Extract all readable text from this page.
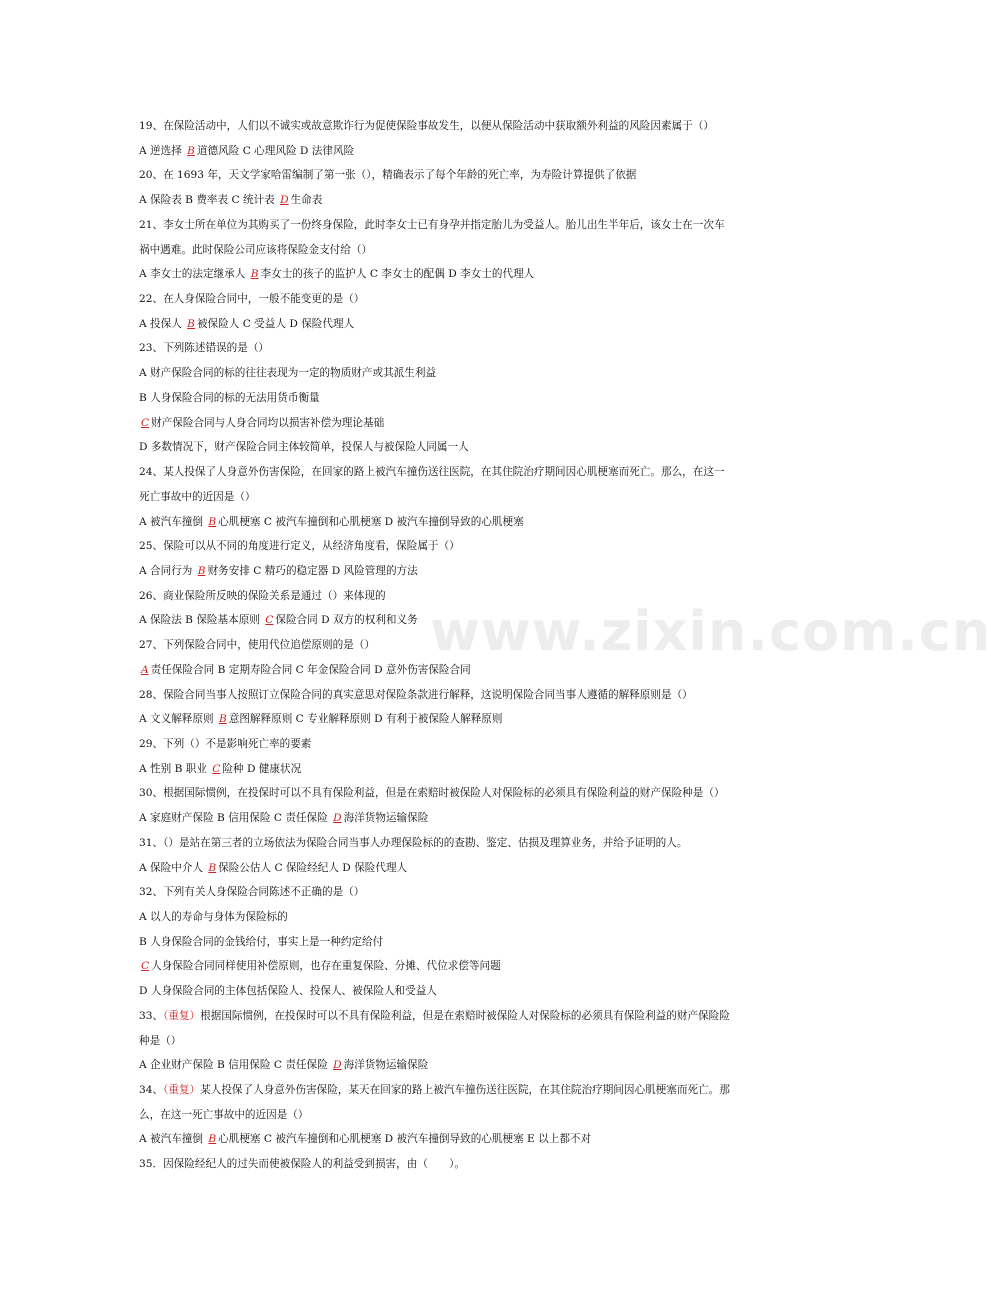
www.zixin.com.cn
19、在保险活动中，人们以不诚实或故意欺诈行为促使保险事故发生，以便从保险活动中获取额外利益的风险因素属于（）
A 逆选择 B 道德风险 C 心理风险 D 法律风险
20、在 1693 年，天文学家哈雷编制了第一张（），精确表示了每个年龄的死亡率，为寿险计算提供了依据
A 保险表 B 费率表 C 统计表 D 生命表
21、李女士所在单位为其购买了一份终身保险，此时李女士已有身孕并指定胎儿为受益人。胎儿出生半年后，该女士在一次车
祸中遇难。此时保险公司应该将保险金支付给（）
A 李女士的法定继承人 B 李女士的孩子的监护人 C 李女士的配偶 D 李女士的代理人
22、在人身保险合同中，一般不能变更的是（）
A 投保人 B 被保险人 C 受益人 D 保险代理人
23、下列陈述错误的是（）
A 财产保险合同的标的往往表现为一定的物质财产或其派生利益
B 人身保险合同的标的无法用货币衡量
C 财产保险合同与人身合同均以损害补偿为理论基础
D 多数情况下，财产保险合同主体较简单，投保人与被保险人同属一人
24、某人投保了人身意外伤害保险，在回家的路上被汽车撞伤送往医院，在其住院治疗期间因心肌梗塞而死亡。那么，在这一
死亡事故中的近因是（）
A 被汽车撞倒 B 心肌梗塞 C 被汽车撞倒和心肌梗塞 D 被汽车撞倒导致的心肌梗塞
25、保险可以从不同的角度进行定义，从经济角度看，保险属于（）
A 合同行为 B 财务安排 C 精巧的稳定器 D 风险管理的方法
26、商业保险所反映的保险关系是通过（）来体现的
A 保险法 B 保险基本原则 C 保险合同 D 双方的权利和义务
27、下列保险合同中，使用代位追偿原则的是（）
A 责任保险合同 B 定期寿险合同 C 年金保险合同 D 意外伤害保险合同
28、保险合同当事人按照订立保险合同的真实意思对保险条款进行解释，这说明保险合同当事人遵循的解释原则是（）
A 文义解释原则 B 意图解释原则 C 专业解释原则 D 有利于被保险人解释原则
29、下列（）不是影响死亡率的要素
A 性别 B 职业 C 险种 D 健康状况
30、根据国际惯例，在投保时可以不具有保险利益，但是在索赔时被保险人对保险标的必须具有保险利益的财产保险种是（）
A 家庭财产保险 B 信用保险 C 责任保险 D 海洋货物运输保险
31、（）是站在第三者的立场依法为保险合同当事人办理保险标的的查勘、鉴定、估损及理算业务，并给予证明的人。
A 保险中介人 B 保险公估人 C 保险经纪人 D 保险代理人
32、下列有关人身保险合同陈述不正确的是（）
A 以人的寿命与身体为保险标的
B 人身保险合同的金钱给付，事实上是一种约定给付
C 人身保险合同同样使用补偿原则，也存在重复保险、分摊、代位求偿等问题
D 人身保险合同的主体包括保险人、投保人、被保险人和受益人
33、（重复）根据国际惯例，在投保时可以不具有保险利益，但是在索赔时被保险人对保险标的必须具有保险利益的财产保险险
种是（）
A 企业财产保险 B 信用保险 C 责任保险 D 海洋货物运输保险
34、（重复）某人投保了人身意外伤害保险，某天在回家的路上被汽车撞伤送往医院，在其住院治疗期间因心肌梗塞而死亡。那
么，在这一死亡事故中的近因是（）
A 被汽车撞倒 B 心肌梗塞 C 被汽车撞倒和心肌梗塞 D 被汽车撞倒导致的心肌梗塞 E 以上都不对
35．因保险经纪人的过失而使被保险人的利益受到损害，由（　　）。
